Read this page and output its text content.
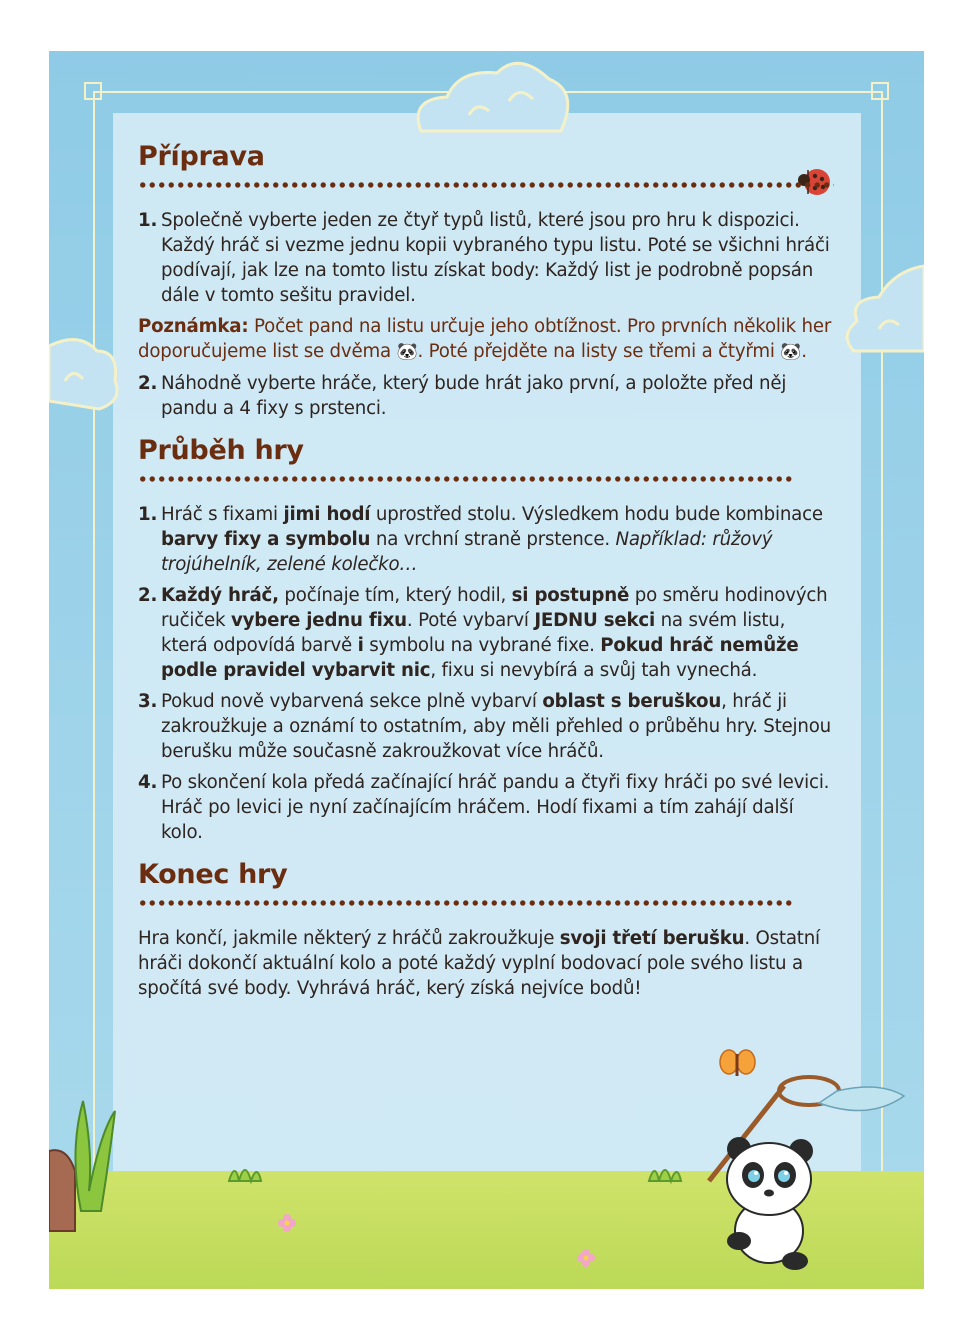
Příprava
1. Společně vyberte jeden ze čtyř typů listů, které jsou pro hru k dispozici. Každý hráč si vezme jednu kopii vybraného typu listu. Poté se všichni hráči podívají, jak lze na tomto listu získat body: Každý list je podrobně popsán dále v tomto sešitu pravidel.

Poznámka: Počet pand na listu určuje jeho obtížnost. Pro prvních několik her doporučujeme list se dvěma 🐼. Poté přejděte na listy se třemi a čtyřmi 🐼.

2. Náhodně vyberte hráče, který bude hrát jako první, a položte před něj pandu a 4 fixy s prstenci.
Průběh hry
1. Hráč s fixami jimi hodí uprostřed stolu. Výsledkem hodu bude kombinace barvy fixy a symbolu na vrchní straně prstence. Například: růžový trojúhelník, zelené kolečko…
2. Každý hráč, počínaje tím, který hodil, si postupně po směru hodinových ručiček vybere jednu fixu. Poté vybarví JEDNU sekci na svém listu, která odpovídá barvě i symbolu na vybrané fixe. Pokud hráč nemůže podle pravidel vybarvit nic, fixu si nevybírá a svůj tah vynechá.
3. Pokud nově vybarvená sekce plně vybarví oblast s beruškou, hráč ji zakroužkuje a oznámí to ostatním, aby měli přehled o průběhu hry. Stejnou berušku může současně zakroužkovat více hráčů.
4. Po skončení kola předá začínající hráč pandu a čtyři fixy hráči po své levici. Hráč po levici je nyní začínajícím hráčem. Hodí fixami a tím zahájí další kolo.
Konec hry

Hra končí, jakmile některý z hráčů zakroužkuje svoji třetí berušku. Ostatní hráči dokončí aktuální kolo a poté každý vyplní bodovací pole svého listu a spočítá své body. Vyhrává hráč, kerý získá nejvíce bodů!
